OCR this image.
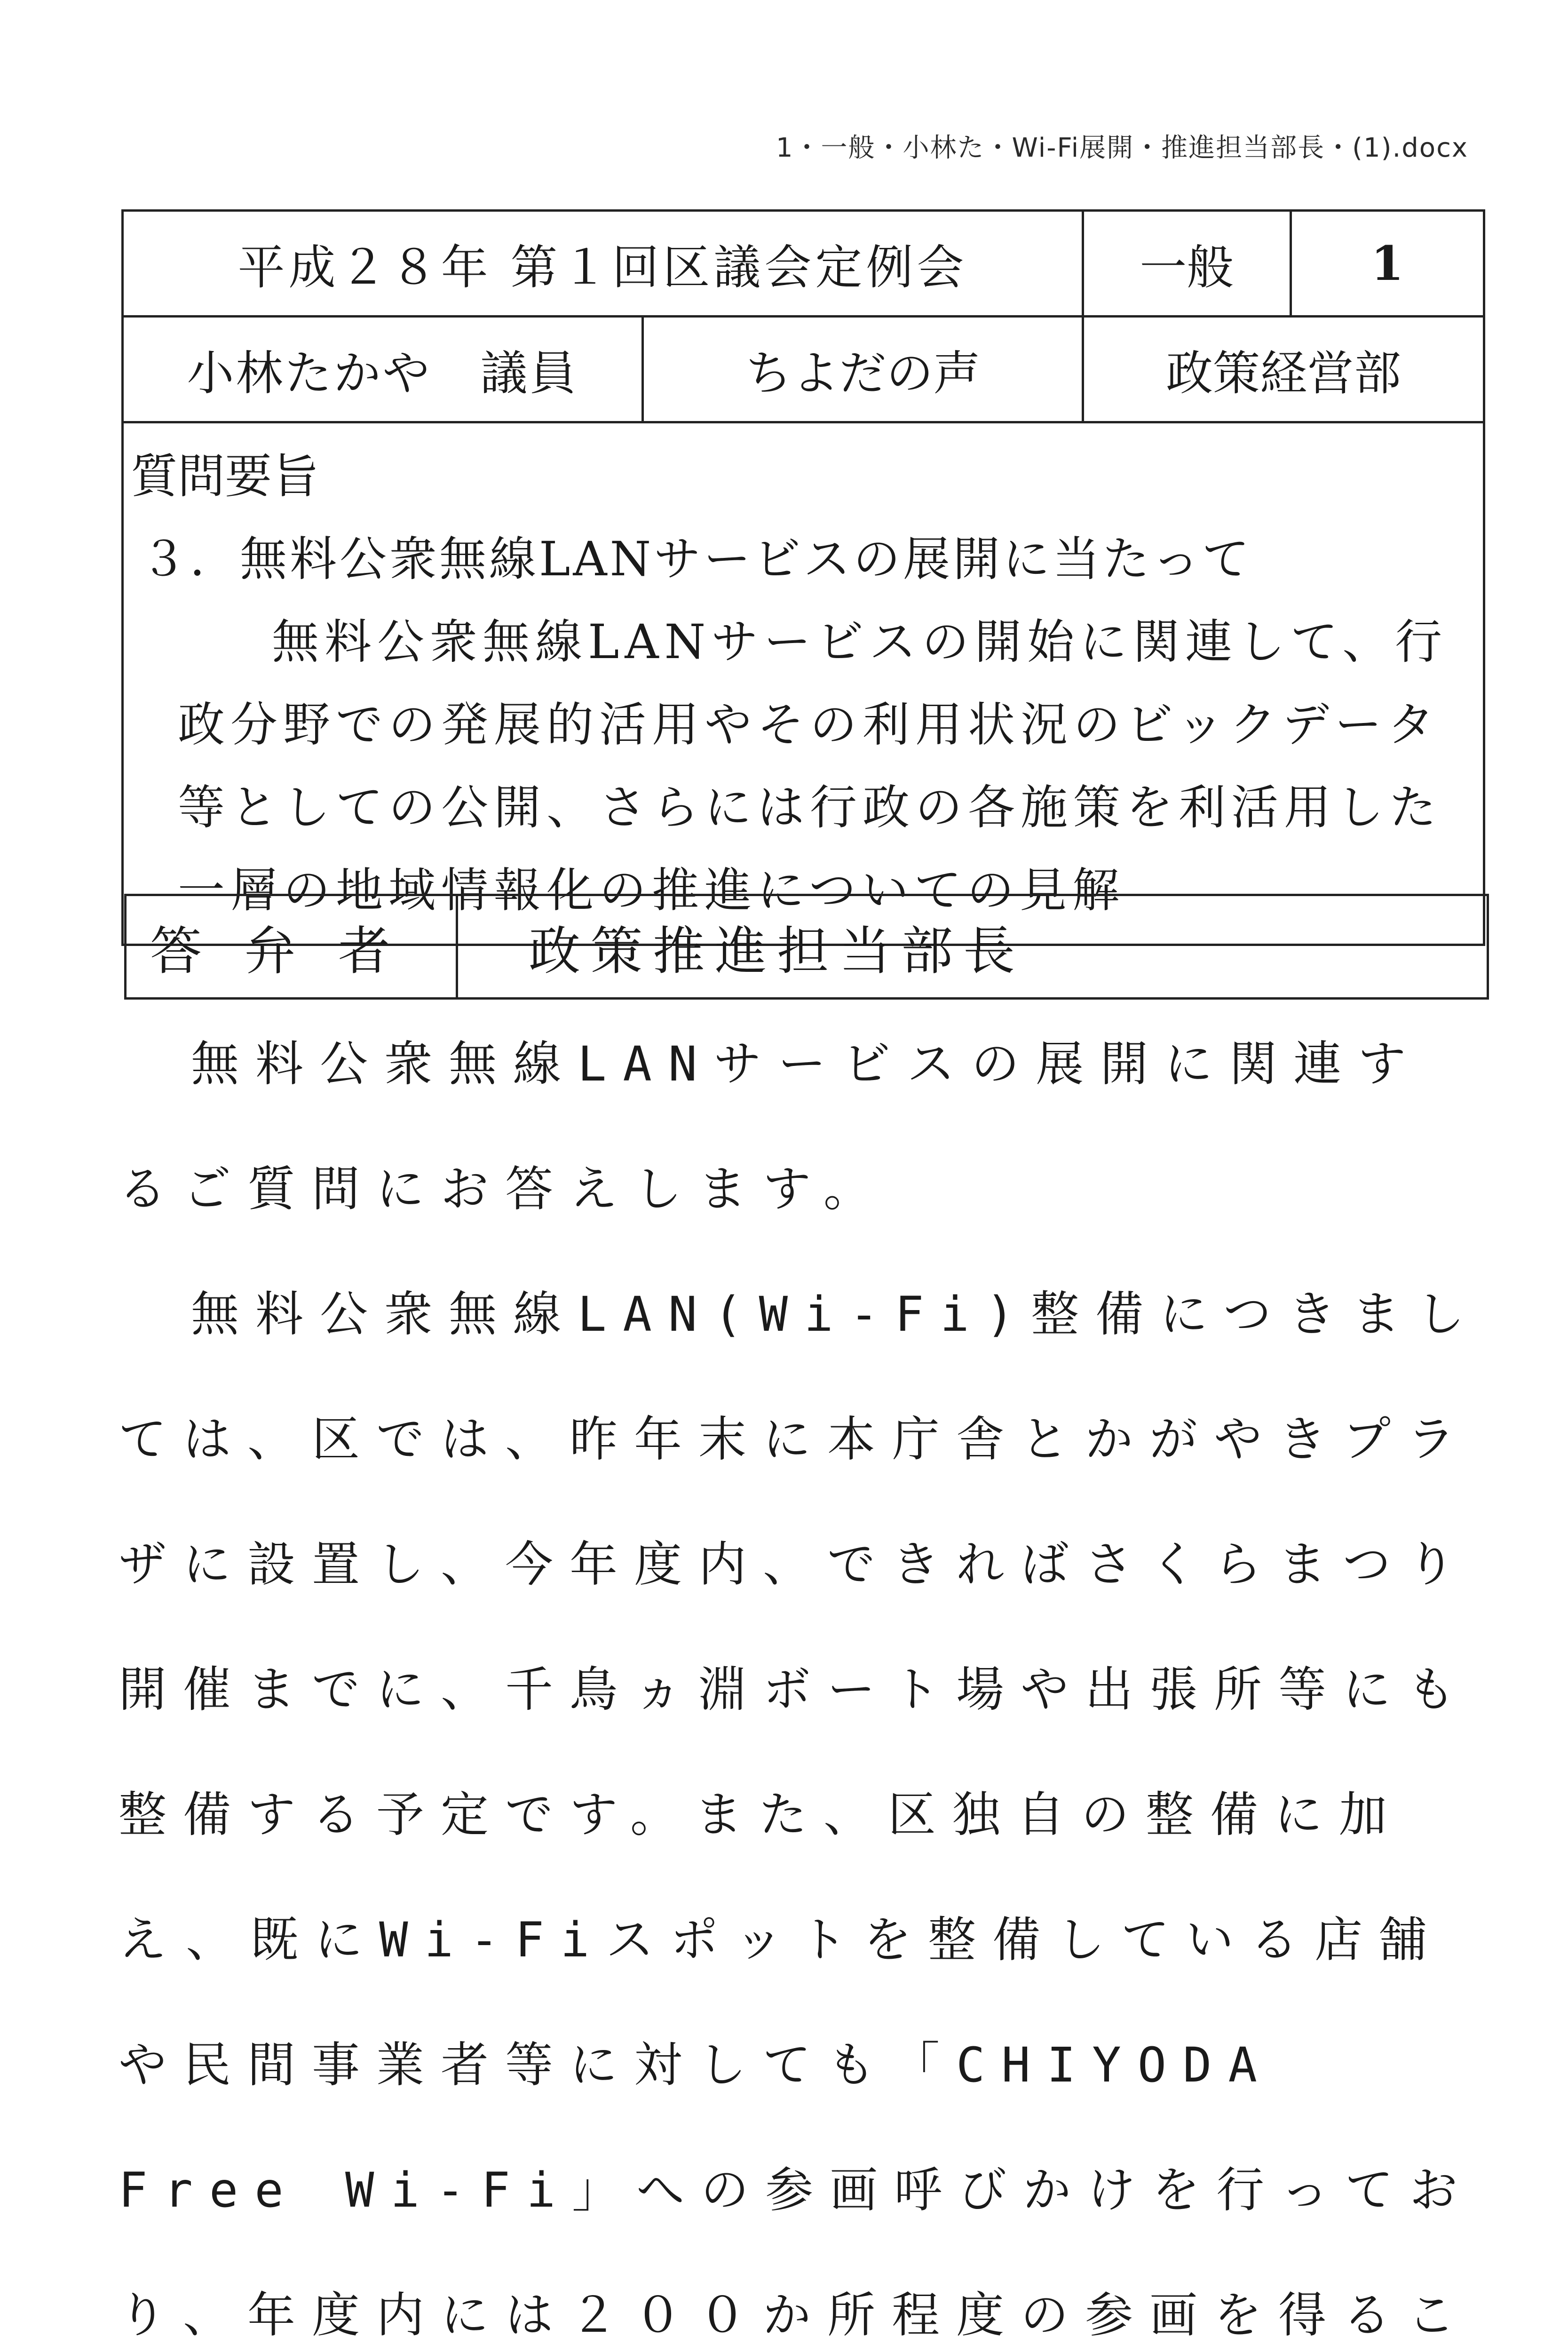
1・一般・小林た・Wi-Fi展開・推進担当部長・(1).docx
平成２８年 第１回区議会定例会		一般	1
小林たかや　議員	ちよだの声	政策経営部	

質問要旨
３．無料公衆無線LANサービスの展開に当たって
無料公衆無線LANサービスの開始に関連して、行政分野での発展的活用やその利用状況のビックデータ等としての公開、さらには行政の各施策を利活用した一層の地域情報化の推進についての見解			
答弁者	政策推進担当部長

無料公衆無線LANサービスの展開に関連するご質問にお答えします。

無料公衆無線LAN(Wi-Fi)整備につきましては、区では、昨年末に本庁舎とかがやきプラザに設置し、今年度内、できればさくらまつり開催までに、千鳥ヵ淵ボート場や出張所等にも整備する予定です。また、区独自の整備に加え、既にWi-Fiスポットを整備している店舗や民間事業者等に対しても「CHIYODA Free Wi-Fi」への参画呼びかけを行っており、年度内には２００か所程度の参画を得るこ
